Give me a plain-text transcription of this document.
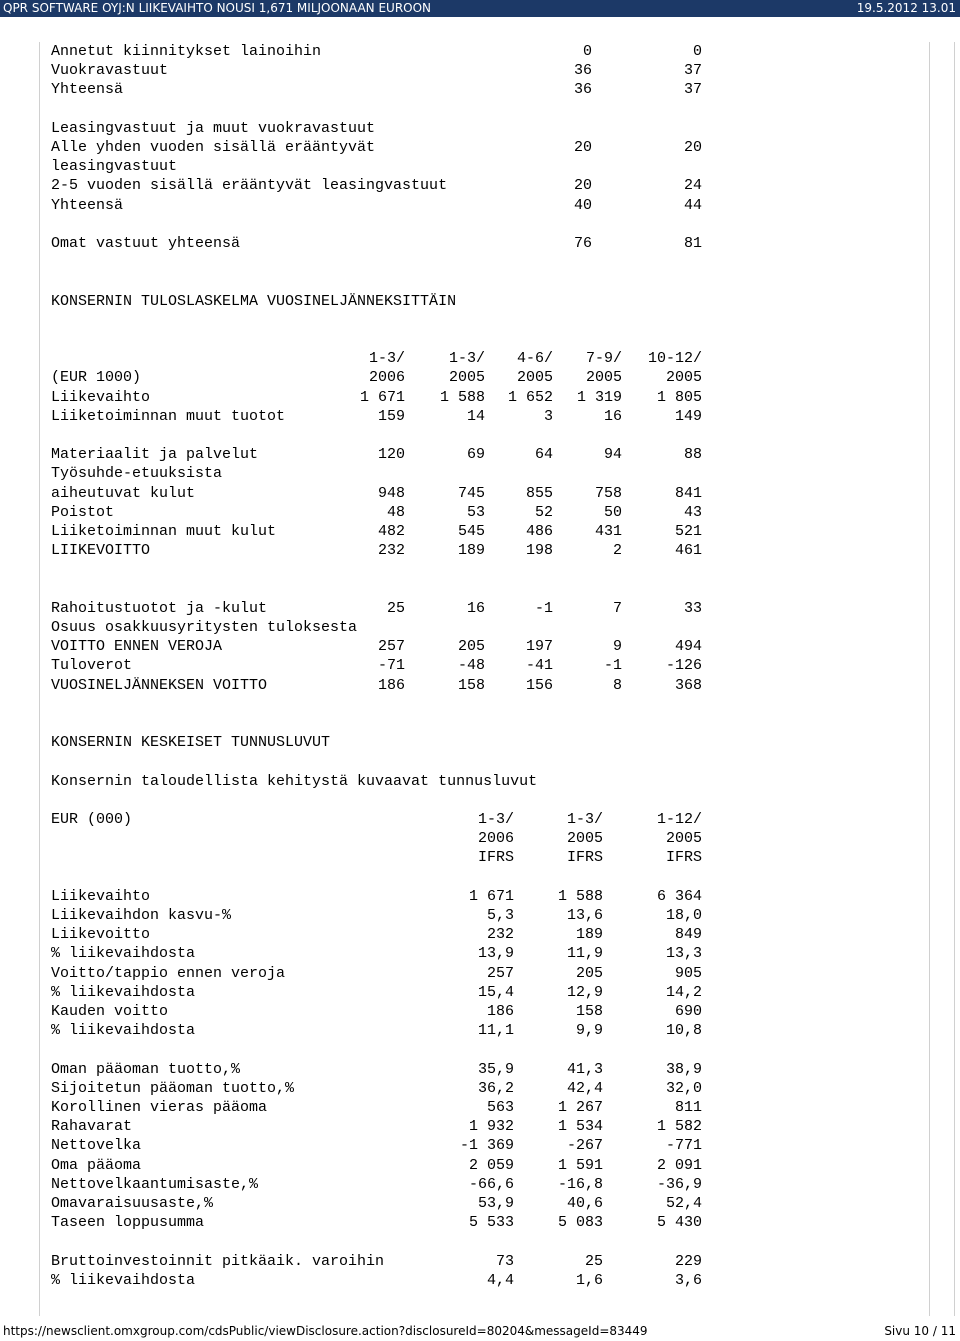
QPR SOFTWARE OYJ:N LIIKEVAIHTO NOUSI 1,671 MILJOONAAN EUROON	19.5.2012 13.01
Annetut kiinnitykset lainoihin	0	0
Vuokravastuut	36	37
Yhteensä	36	37
Leasingvastuut ja muut vuokravastuut
Alle yhden vuoden sisällä erääntyvät	20	20
leasingvastuut
2-5 vuoden sisällä erääntyvät leasingvastuut	20	24
Yhteensä	40	44
Omat vastuut yhteensä	76	81
KONSERNIN TULOSLASKELMA VUOSINELJÄNNEKSITTÄIN
1-3/	1-3/	4-6/	7-9/	10-12/
(EUR 1000)	2006	2005	2005	2005	2005
Liikevaihto	1 671	1 588	1 652	1 319	1 805
Liiketoiminnan muut tuotot	159	14	3	16	149
Materiaalit ja palvelut	120	69	64	94	88
Työsuhde-etuuksista
aiheutuvat kulut	948	745	855	758	841
Poistot	48	53	52	50	43
Liiketoiminnan muut kulut	482	545	486	431	521
LIIKEVOITTO	232	189	198	2	461
Rahoitustuotot ja -kulut	25	16	-1	7	33
Osuus osakkuusyritysten tuloksesta
VOITTO ENNEN VEROJA	257	205	197	9	494
Tuloverot	-71	-48	-41	-1	-126
VUOSINELJÄNNEKSEN VOITTO	186	158	156	8	368
KONSERNIN KESKEISET TUNNUSLUVUT
Konsernin taloudellista kehitystä kuvaavat tunnusluvut
EUR (000)	1-3/	1-3/	1-12/
2006	2005	2005
IFRS	IFRS	IFRS
Liikevaihto	1 671	1 588	6 364
Liikevaihdon kasvu-%	5,3	13,6	18,0
Liikevoitto	232	189	849
% liikevaihdosta	13,9	11,9	13,3
Voitto/tappio ennen veroja	257	205	905
% liikevaihdosta	15,4	12,9	14,2
Kauden voitto	186	158	690
% liikevaihdosta	11,1	9,9	10,8
Oman pääoman tuotto,%	35,9	41,3	38,9
Sijoitetun pääoman tuotto,%	36,2	42,4	32,0
Korollinen vieras pääoma	563	1 267	811
Rahavarat	1 932	1 534	1 582
Nettovelka	-1 369	-267	-771
Oma pääoma	2 059	1 591	2 091
Nettovelkaantumisaste,%	-66,6	-16,8	-36,9
Omavaraisuusaste,%	53,9	40,6	52,4
Taseen loppusumma	5 533	5 083	5 430
Bruttoinvestoinnit pitkäaik. varoihin	73	25	229
% liikevaihdosta	4,4	1,6	3,6
https://newsclient.omxgroup.com/cdsPublic/viewDisclosure.action?disclosureId=80204&messageId=83449	Sivu 10 / 11
